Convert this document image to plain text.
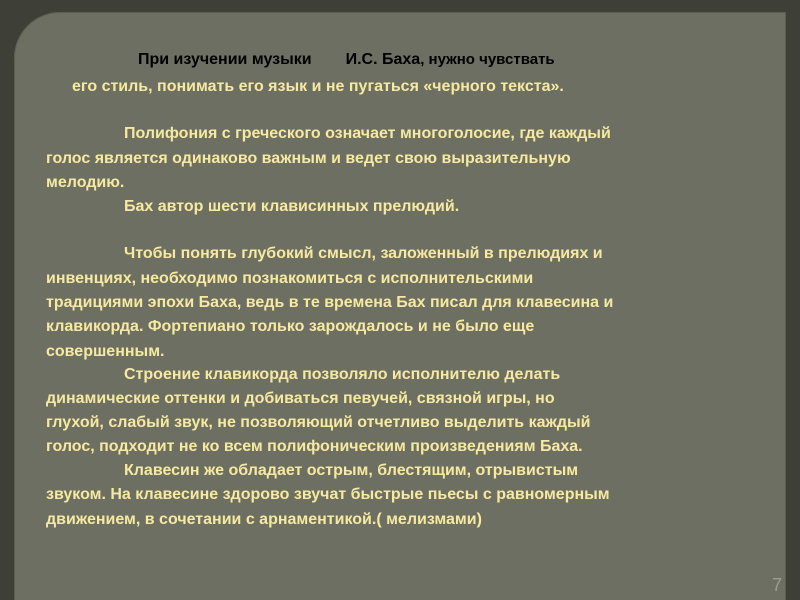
При изучении музыки И.С. Баха, нужно чувствать

его стиль, понимать его язык и не пугаться «черного текста».

Полифония с греческого означает многоголосие, где каждый

голос является одинаково важным и ведет свою выразительную

мелодию.

Бах автор шести клависинных прелюдий.

Чтобы понять глубокий смысл, заложенный в прелюдиях и

инвенциях, необходимо познакомиться с исполнительскими

традициями эпохи Баха, ведь в те времена Бах писал для клавесина и

клавикорда. Фортепиано только зарождалось и не было еще

совершенным.

Строение клавикорда позволяло исполнителю делать

динамические оттенки и добиваться певучей, связной игры, но

глухой, слабый звук, не позволяющий отчетливо выделить каждый

голос, подходит не ко всем полифоническим произведениям Баха.

Клавесин же обладает острым, блестящим, отрывистым

звуком. На клавесине здорово звучат быстрые пьесы с равномерным

движением, в сочетании с арнаментикой.( мелизмами)

7
